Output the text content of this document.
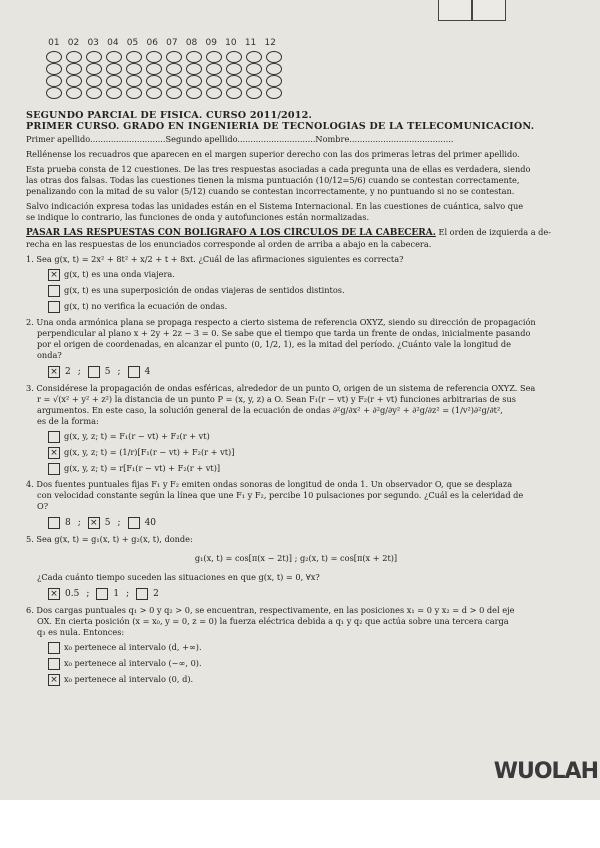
01 02 03 04 05 06 07 08 09 10 11 12
SEGUNDO PARCIAL DE FISICA. CURSO 2011/2012.
PRIMER CURSO. GRADO EN INGENIERÍA DE TECNOLOGÍAS DE LA TELECOMUNICACIÓN.
Primer apellido.............................Segundo apellido..............................Nombre........................................
Rellénense los recuadros que aparecen en el margen superior derecho con las dos primeras letras del primer apellido.
Esta prueba consta de 12 cuestiones. De las tres respuestas asociadas a cada pregunta una de ellas es verdadera, siendo
las otras dos falsas. Todas las cuestiones tienen la misma puntuación (10/12=5/6) cuando se contestan correctamente,
penalizando con la mitad de su valor (5/12) cuando se contestan incorrectamente, y no puntuando si no se contestan.
Salvo indicación expresa todas las unidades están en el Sistema Internacional. En las cuestiones de cuántica, salvo que
se indique lo contrario, las funciones de onda y autofunciones están normalizadas.
PASAR LAS RESPUESTAS CON BOLÍGRAFO A LOS CÍRCULOS DE LA CABECERA. El orden de izquierda a de-
recha en las respuestas de los enunciados corresponde al orden de arriba a abajo en la cabecera.
1. Sea g(x, t) = 2x² + 8t² + x/2 + t + 8xt. ¿Cuál de las afirmaciones siguientes es correcta?
× g(x, t) es una onda viajera.
g(x, t) es una superposición de ondas viajeras de sentidos distintos.
g(x, t) no verifica la ecuación de ondas.
2. Una onda armónica plana se propaga respecto a cierto sistema de referencia OXYZ, siendo su dirección de propagación
perpendicular al plano x + 2y + 2z − 3 = 0. Se sabe que el tiempo que tarda un frente de ondas, inicialmente pasando
por el origen de coordenadas, en alcanzar el punto (0, 1/2, 1), es la mitad del período. ¿Cuánto vale la longitud de
onda?
× 2 ;	5 ;	4
3. Considérese la propagación de ondas esféricas, alrededor de un punto O, origen de un sistema de referencia OXYZ. Sea
r = √(x² + y² + z²) la distancia de un punto P = (x, y, z) a O. Sean F₁(r − vt) y F₂(r + vt) funciones arbitrarias de sus
argumentos. En este caso, la solución general de la ecuación de ondas ∂²g/∂x² + ∂²g/∂y² + ∂²g/∂z² = (1/v²)∂²g/∂t²,
es de la forma:
g(x, y, z; t) = F₁(r − vt) + F₂(r + vt)
× g(x, y, z; t) = (1/r)[F₁(r − vt) + F₂(r + vt)]
g(x, y, z; t) = r[F₁(r − vt) + F₂(r + vt)]
4. Dos fuentes puntuales fijas F₁ y F₂ emiten ondas sonoras de longitud de onda 1. Un observador O, que se desplaza
con velocidad constante según la línea que une F₁ y F₂, percibe 10 pulsaciones por segundo. ¿Cuál es la celeridad de
O?
8 ; × 5 ;	40
5. Sea g(x, t) = g₁(x, t) + g₂(x, t), donde:
g₁(x, t) = cos[π(x − 2t)] ; g₂(x, t) = cos[π(x + 2t)]
¿Cada cuánto tiempo suceden las situaciones en que g(x, t) = 0, ∀x?
× 0.5 ;	1 ;	2
6. Dos cargas puntuales q₁ > 0 y q₂ > 0, se encuentran, respectivamente, en las posiciones x₁ = 0 y x₂ = d > 0 del eje
OX. En cierta posición (x = x₀, y = 0, z = 0) la fuerza eléctrica debida a q₁ y q₂ que actúa sobre una tercera carga
q₃ es nula. Entonces:
x₀ pertenece al intervalo (d, +∞).
x₀ pertenece al intervalo (−∞, 0).
× x₀ pertenece al intervalo (0, d).
WUOLAH
